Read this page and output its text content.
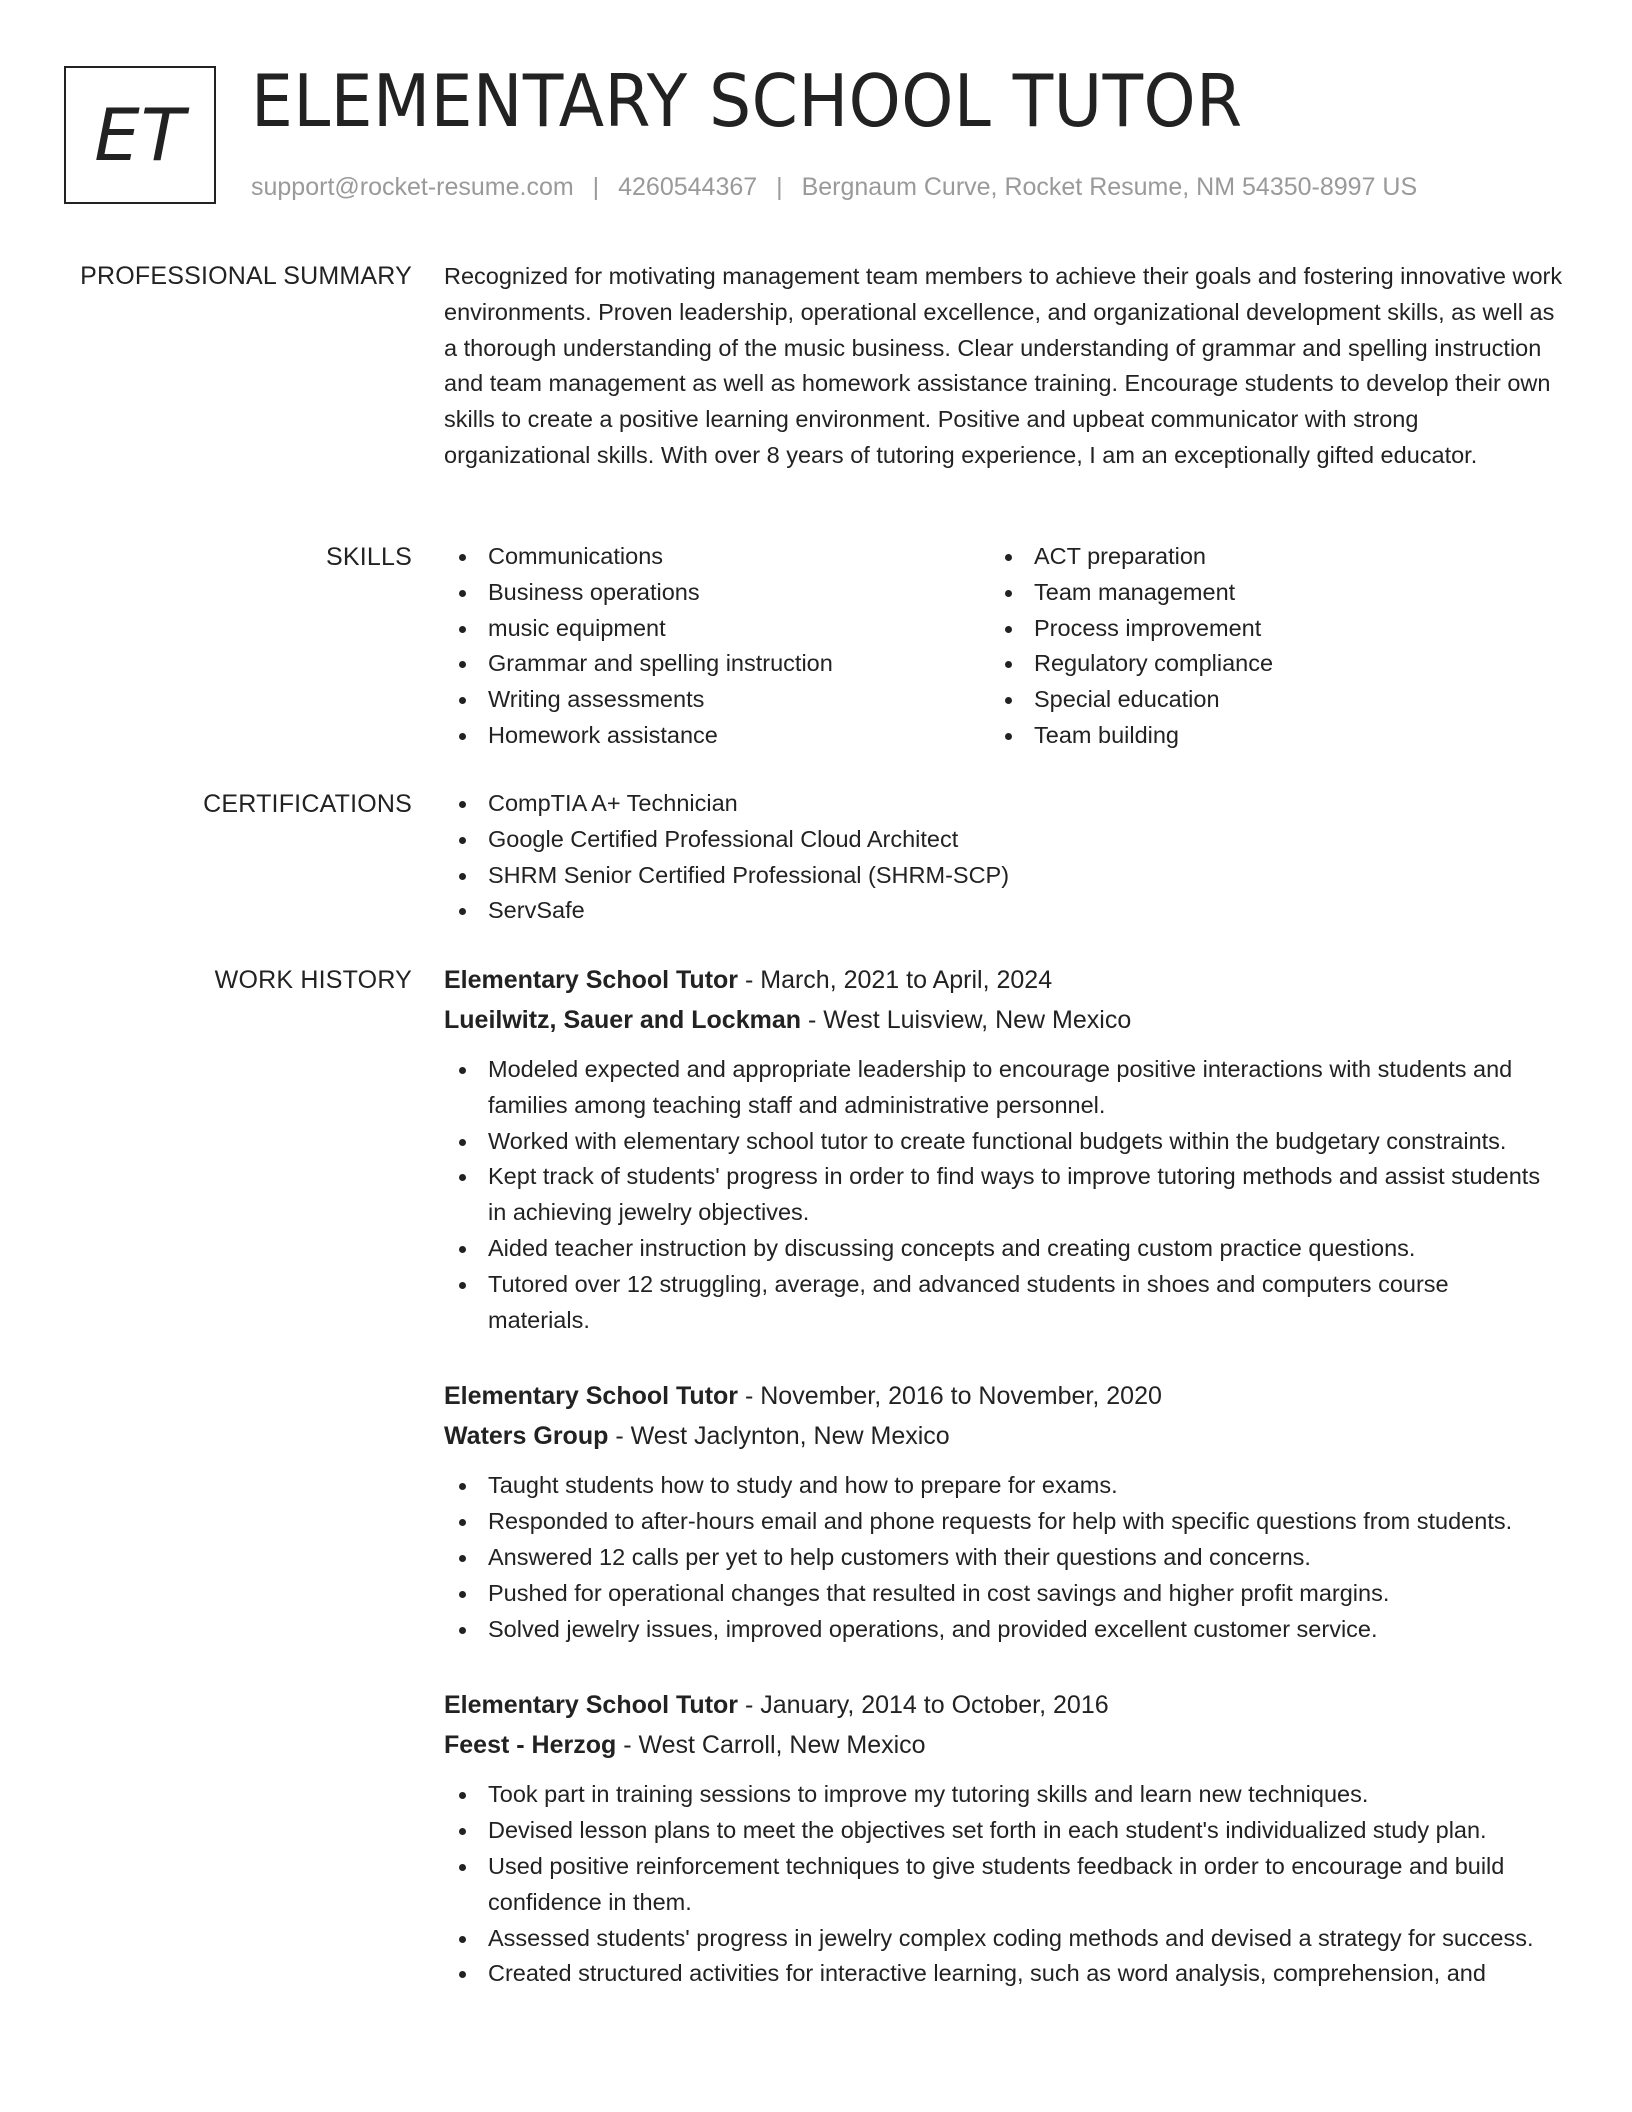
ET ELEMENTARY SCHOOL TUTOR
support@rocket-resume.com | 4260544367 | Bergnaum Curve, Rocket Resume, NM 54350-8997 US
PROFESSIONAL SUMMARY Recognized for motivating management team members to achieve their goals and fostering innovative work environments. Proven leadership, operational excellence, and organizational development skills, as well as a thorough understanding of the music business. Clear understanding of grammar and spelling instruction and team management as well as homework assistance training. Encourage students to develop their own skills to create a positive learning environment. Positive and upbeat communicator with strong organizational skills. With over 8 years of tutoring experience, I am an exceptionally gifted educator.
SKILLS	Communications
Business operations
music equipment
Grammar and spelling instruction
Writing assessments
Homework assistance
ACT preparation
Team management
Process improvement
Regulatory compliance
Special education
Team building
CERTIFICATIONS	CompTIA A+ Technician
Google Certified Professional Cloud Architect
SHRM Senior Certified Professional (SHRM-SCP)
ServSafe
WORK HISTORY Elementary School Tutor - March, 2021 to April, 2024
Lueilwitz, Sauer and Lockman - West Luisview, New Mexico
Modeled expected and appropriate leadership to encourage positive interactions with students and families among teaching staff and administrative personnel.
Worked with elementary school tutor to create functional budgets within the budgetary constraints.
Kept track of students' progress in order to find ways to improve tutoring methods and assist students in achieving jewelry objectives.
Aided teacher instruction by discussing concepts and creating custom practice questions.
Tutored over 12 struggling, average, and advanced students in shoes and computers course materials.
Elementary School Tutor - November, 2016 to November, 2020
Waters Group - West Jaclynton, New Mexico
Taught students how to study and how to prepare for exams.
Responded to after-hours email and phone requests for help with specific questions from students.
Answered 12 calls per yet to help customers with their questions and concerns.
Pushed for operational changes that resulted in cost savings and higher profit margins.
Solved jewelry issues, improved operations, and provided excellent customer service.
Elementary School Tutor - January, 2014 to October, 2016
Feest - Herzog - West Carroll, New Mexico
Took part in training sessions to improve my tutoring skills and learn new techniques.
Devised lesson plans to meet the objectives set forth in each student's individualized study plan.
Used positive reinforcement techniques to give students feedback in order to encourage and build confidence in them.
Assessed students' progress in jewelry complex coding methods and devised a strategy for success.
Created structured activities for interactive learning, such as word analysis, comprehension, and
